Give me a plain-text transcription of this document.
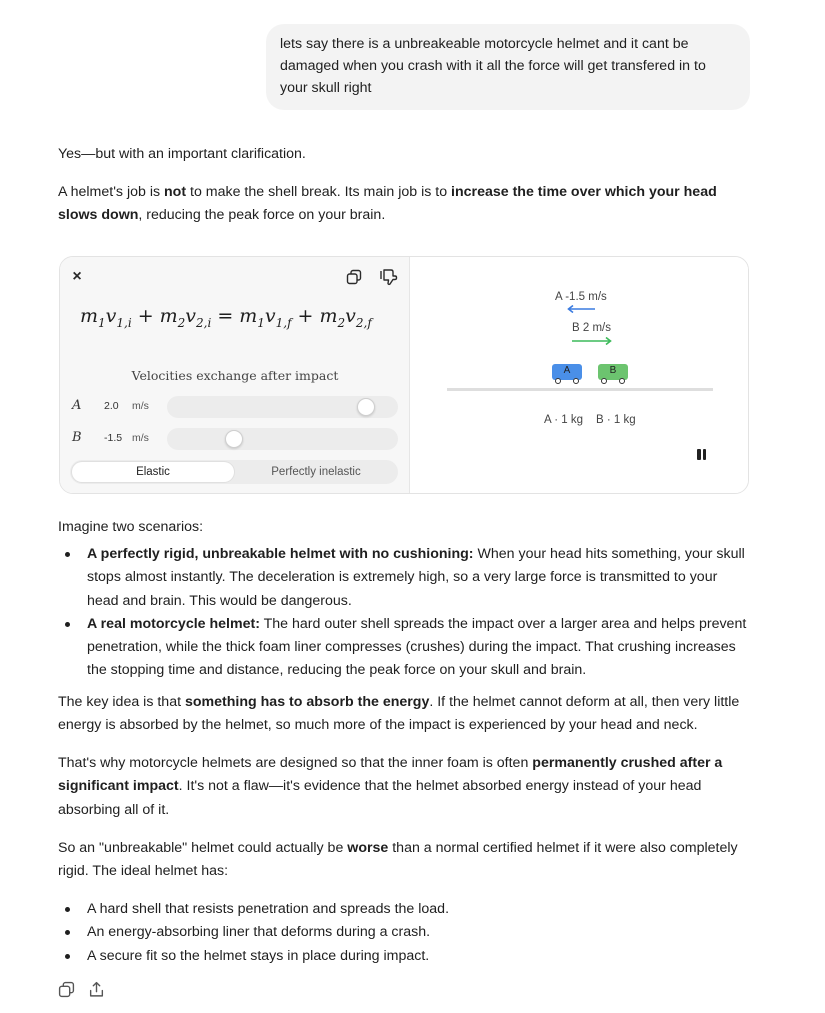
lets say there is a unbreakeable motorcycle helmet and it cant be damaged when you crash with it all the force will get transfered in to your skull right
Yes—but with an important clarification.
A helmet's job is not to make the shell break. Its main job is to increase the time over which your head slows down, reducing the peak force on your brain.
×
$m_1v_{1,i} + m_2v_{2,i} = m_1v_{1,f} + m_2v_{2,f}$
Velocities exchange after impact
A 2.0 m/s
B -1.5 m/s
Elastic	Perfectly inelastic
A -1.5 m/s
B 2 m/s
A	B
A · 1 kg B · 1 kg
Imagine two scenarios:
A perfectly rigid, unbreakable helmet with no cushioning: When your head hits something, your skull stops almost instantly. The deceleration is extremely high, so a very large force is transmitted to your head and brain. This would be dangerous.
A real motorcycle helmet: The hard outer shell spreads the impact over a larger area and helps prevent penetration, while the thick foam liner compresses (crushes) during the impact. That crushing increases the stopping time and distance, reducing the peak force on your skull and brain.
The key idea is that something has to absorb the energy. If the helmet cannot deform at all, then very little energy is absorbed by the helmet, so much more of the impact is experienced by your head and neck.
That's why motorcycle helmets are designed so that the inner foam is often permanently crushed after a significant impact. It's not a flaw—it's evidence that the helmet absorbed energy instead of your head absorbing all of it.
So an "unbreakable" helmet could actually be worse than a normal certified helmet if it were also completely rigid. The ideal helmet has:
A hard shell that resists penetration and spreads the load.
An energy-absorbing liner that deforms during a crash.
A secure fit so the helmet stays in place during impact.
